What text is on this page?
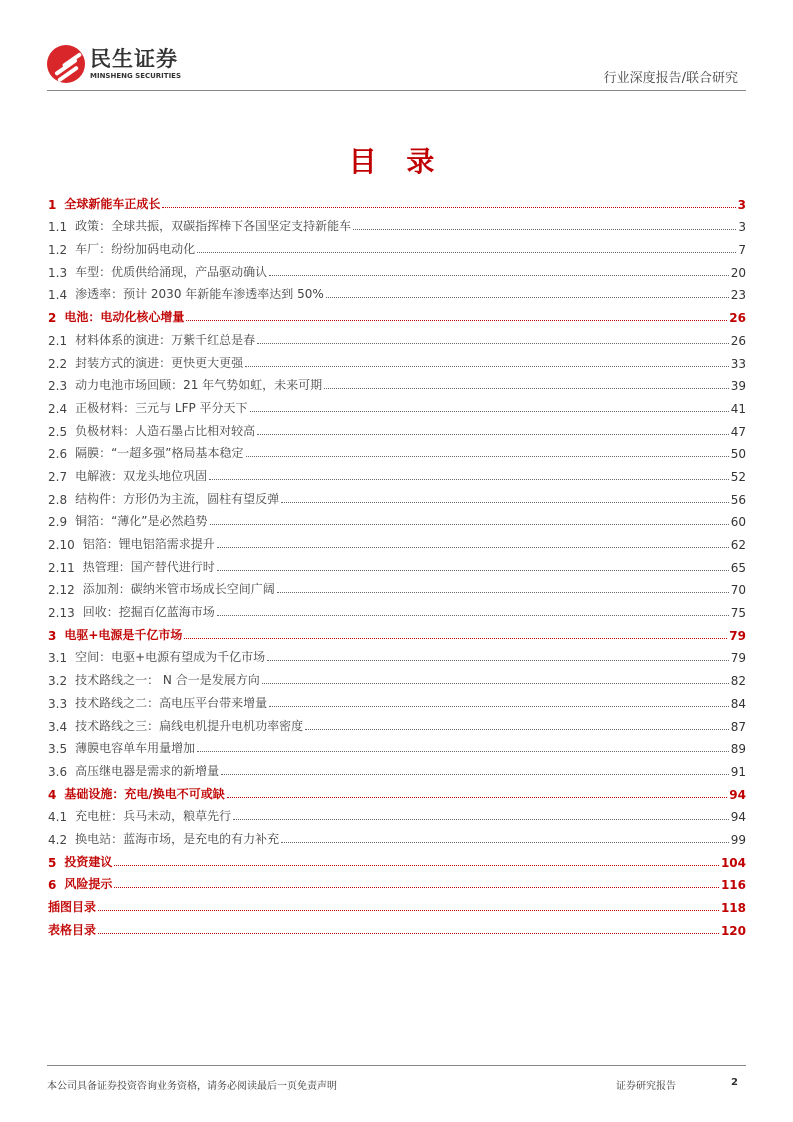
民生证券
MINSHENG SECURITIES	行业深度报告/联合研究
目 录
1 全球新能车正成长	3
1.1 政策：全球共振，双碳指挥棒下各国坚定支持新能车	3
1.2 车厂：纷纷加码电动化	7
1.3 车型：优质供给涌现，产品驱动确认	20
1.4 渗透率：预计 2030 年新能车渗透率达到 50%	23
2 电池：电动化核心增量	26
2.1 材料体系的演进：万紫千红总是春	26
2.2 封装方式的演进：更快更大更强	33
2.3 动力电池市场回顾：21 年气势如虹，未来可期	39
2.4 正极材料：三元与 LFP 平分天下	41
2.5 负极材料：人造石墨占比相对较高	47
2.6 隔膜：“一超多强”格局基本稳定	50
2.7 电解液：双龙头地位巩固	52
2.8 结构件：方形仍为主流，圆柱有望反弹	56
2.9 铜箔：“薄化”是必然趋势	60
2.10 铝箔：锂电铝箔需求提升	62
2.11 热管理：国产替代进行时	65
2.12 添加剂：碳纳米管市场成长空间广阔	70
2.13 回收：挖掘百亿蓝海市场	75
3 电驱+电源是千亿市场	79
3.1 空间：电驱+电源有望成为千亿市场	79
3.2 技术路线之一： N 合一是发展方向	82
3.3 技术路线之二：高电压平台带来增量	84
3.4 技术路线之三：扁线电机提升电机功率密度	87
3.5 薄膜电容单车用量增加	89
3.6 高压继电器是需求的新增量	91
4 基础设施：充电/换电不可或缺	94
4.1 充电桩：兵马未动，粮草先行	94
4.2 换电站：蓝海市场，是充电的有力补充	99
5 投资建议	104
6 风险提示	116
插图目录	118
表格目录	120
本公司具备证券投资咨询业务资格，请务必阅读最后一页免责声明	证券研究报告	2
